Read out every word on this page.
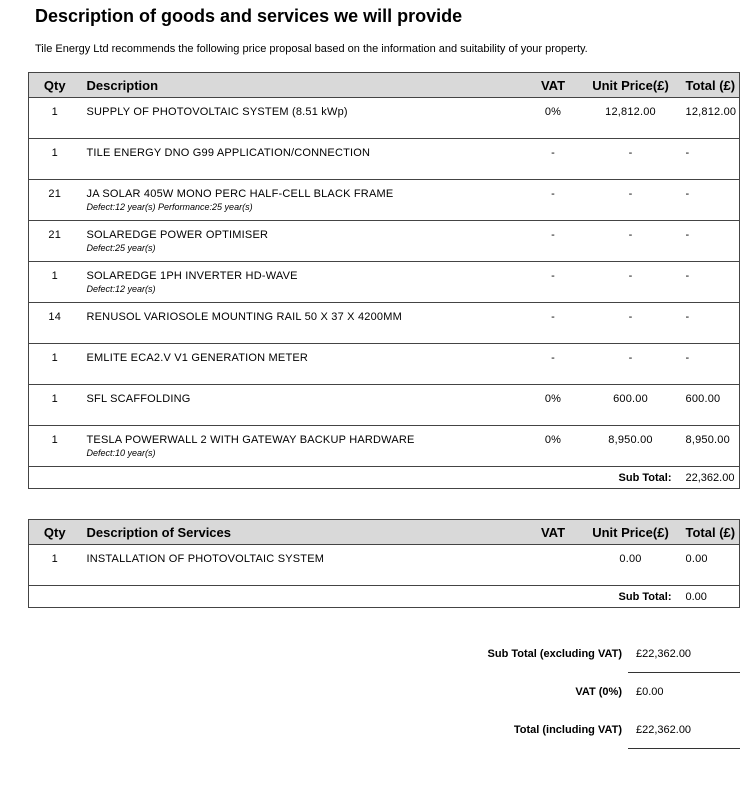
Description of goods and services we will provide
Tile Energy Ltd recommends the following price proposal based on the information and suitability of your property.
Qty	Description	VAT	Unit Price(£)	Total (£)

1	SUPPLY OF PHOTOVOLTAIC SYSTEM (8.51 kWp)	0%	12,812.00	12,812.00

1	TILE ENERGY DNO G99 APPLICATION/CONNECTION	-	-	-

21	JA SOLAR 405W MONO PERC HALF-CELL BLACK FRAME
Defect:12 year(s) Performance:25 year(s)	-	-	-

21	SOLAREDGE POWER OPTIMISER
Defect:25 year(s)	-	-	-

1	SOLAREDGE 1PH INVERTER HD-WAVE
Defect:12 year(s)	-	-	-

14	RENUSOL VARIOSOLE MOUNTING RAIL 50 X 37 X 4200MM	-	-	-

1	EMLITE ECA2.V V1 GENERATION METER	-	-	-

1	SFL SCAFFOLDING	0%	600.00	600.00

1	TESLA POWERWALL 2 WITH GATEWAY BACKUP HARDWARE
Defect:10 year(s)	0%	8,950.00	8,950.00

			Sub Total:	22,362.00
Qty	Description of Services	VAT	Unit Price(£)	Total (£)

1	INSTALLATION OF PHOTOVOLTAIC SYSTEM		0.00	0.00

			Sub Total:	0.00
Sub Total (excluding VAT) £22,362.00
VAT (0%) £0.00
Total (including VAT) £22,362.00
